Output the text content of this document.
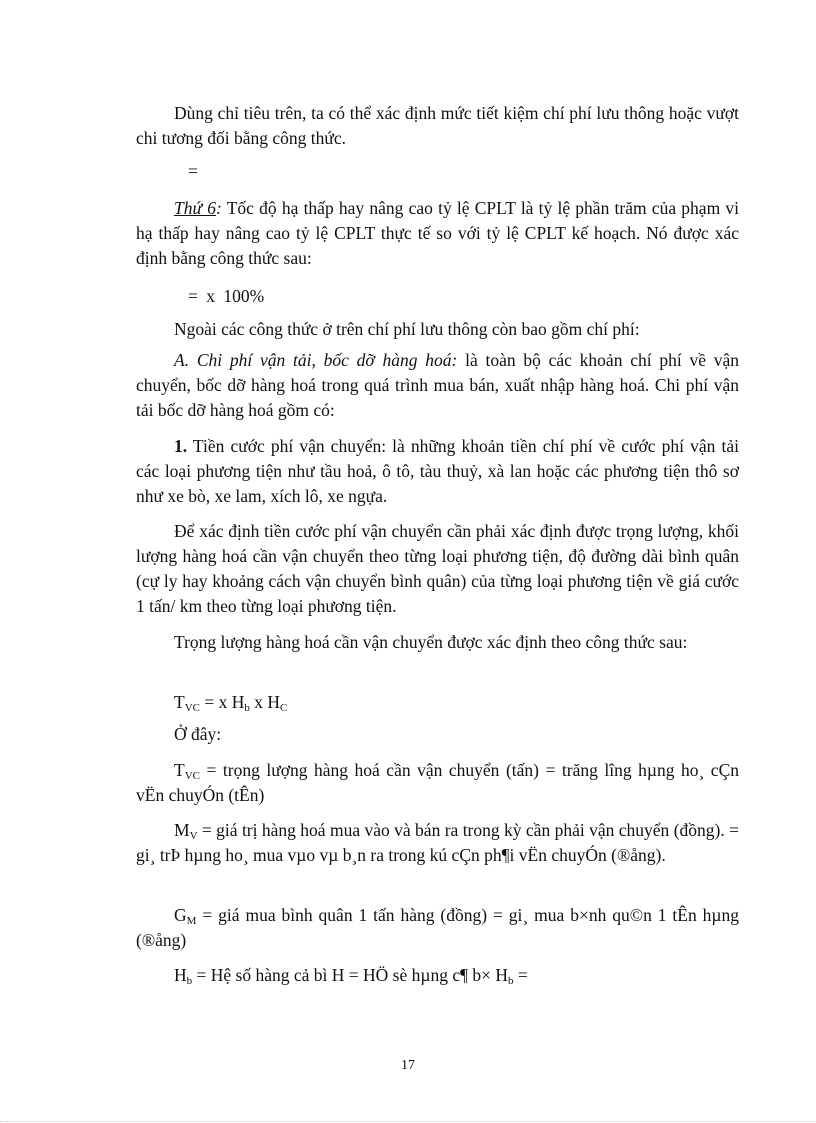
Dùng chỉ tiêu trên, ta có thể xác định mức tiết kiệm chí phí lưu thông hoặc vượt chi tương đối bằng công thức.

=

Thứ 6: Tốc độ hạ thấp hay nâng cao tỷ lệ CPLT là tỷ lệ phần trăm của phạm vi hạ thấp hay nâng cao tỷ lệ CPLT thực tế so với tỷ lệ CPLT kế hoạch. Nó được xác định bằng công thức sau:

= x 100%

Ngoài các công thức ở trên chí phí lưu thông còn bao gồm chí phí:

A. Chi phí vận tải, bốc dỡ hàng hoá: là toàn bộ các khoản chí phí về vận chuyển, bốc dỡ hàng hoá trong quá trình mua bán, xuất nhập hàng hoá. Chi phí vận tải bốc dỡ hàng hoá gồm có:

1. Tiền cước phí vận chuyển: là những khoản tiền chí phí về cước phí vận tải các loại phương tiện như tầu hoả, ô tô, tàu thuỷ, xà lan hoặc các phương tiện thô sơ như xe bò, xe lam, xích lô, xe ngựa.

Để xác định tiền cước phí vận chuyển cần phải xác định được trọng lượng, khối lượng hàng hoá cần vận chuyển theo từng loại phương tiện, độ đường dài bình quân (cự ly hay khoảng cách vận chuyển bình quân) của từng loại phương tiện về giá cước 1 tấn/ km theo từng loại phương tiện.

Trọng lượng hàng hoá cần vận chuyển được xác định theo công thức sau:

$T_{VC} = x$ $H_b$ x $H_C$

Ở đây:

$T_{VC}$ = trọng lượng hàng hoá cần vận chuyển (tấn) = trăng lîng hµng ho¸ cÇn vËn chuyÓn (tÊn)

$M_V$ = giá trị hàng hoá mua vào và bán ra trong kỳ cần phải vận chuyển (đồng). = gi¸ trÞ hµng ho¸ mua vµo vµ b¸n ra trong kú cÇn ph¶i vËn chuyÓn (®ång).

$G_M$ = giá mua bình quân 1 tấn hàng (đồng) = gi¸ mua b×nh qu©n 1 tÊn hµng (®ång)

$H_b$ = Hệ số hàng cả bì H = HÖ sè hµng c¶ $b\times H_b$ =

17
